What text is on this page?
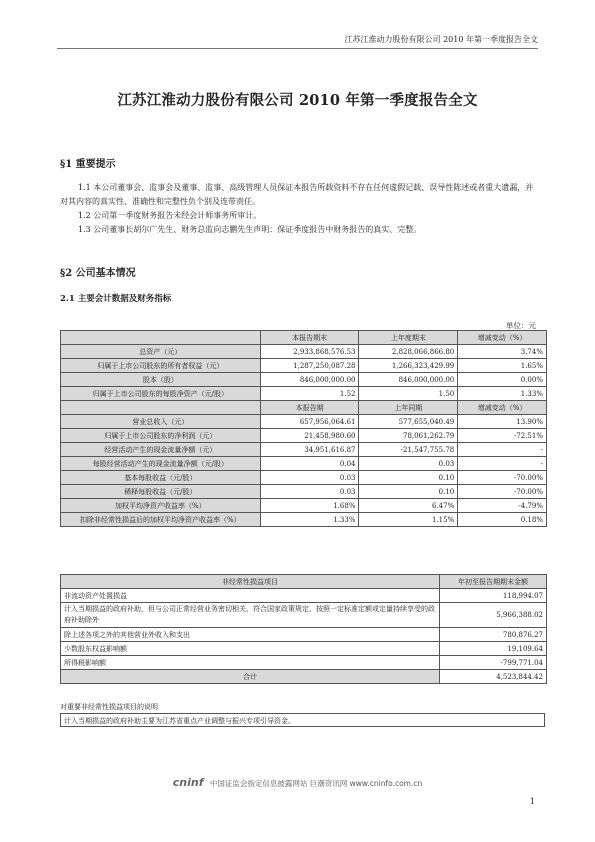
江苏江淮动力股份有限公司 2010 年第一季度报告全文
江苏江淮动力股份有限公司 2010 年第一季度报告全文
§1 重要提示

1.1 本公司董事会、监事会及董事、监事、高级管理人员保证本报告所载资料不存在任何虚假记载、误导性陈述或者重大遗漏，并对其内容的真实性、准确性和完整性负个别及连带责任。

1.2 公司第一季度财务报告未经会计师事务所审计。

1.3 公司董事长胡尔广先生、财务总监向志鹏先生声明：保证季度报告中财务报告的真实、完整。

§2 公司基本情况
2.1 主要会计数据及财务指标
单位：元
	本报告期末	上年度期末	增减变动（%）
总资产（元）	2,933,868,576.53	2,828,066,866.80	3.74%
归属于上市公司股东的所有者权益（元）	1,287,250,087.28	1,266,323,429.99	1.65%
股本（股）	846,000,000.00	846,000,000.00	0.00%
归属于上市公司股东的每股净资产（元/股）	1.52	1.50	1.33%
	本报告期	上年同期	增减变动（%）
营业总收入（元）	657,956,064.61	577,655,040.49	13.90%
归属于上市公司股东的净利润（元）	21,458,980.60	78,061,262.79	-72.51%
经营活动产生的现金流量净额（元）	34,951,616.87	-21,547,755.78	-
每股经营活动产生的现金流量净额（元/股）	0.04	0.03	-
基本每股收益（元/股）	0.03	0.10	-70.00%
稀释每股收益（元/股）	0.03	0.10	-70.00%
加权平均净资产收益率（%）	1.68%	6.47%	-4.79%
扣除非经常性损益后的加权平均净资产收益率（%）	1.33%	1.15%	0.18%
非经常性损益项目	年初至报告期期末金额
非流动资产处置损益	118,994.07
计入当期损益的政府补助，但与公司正常经营业务密切相关，符合国家政策规定、按照一定标准定额或定量持续享受的政府补助除外	5,966,388.02
除上述各项之外的其他营业外收入和支出	780,876.27
少数股东权益影响额	19,109.64
所得税影响额	-799,771.04
合计	4,523,844.42
对重要非经常性损益项目的说明
计入当期损益的政府补助主要为江苏省重点产业调整与振兴专项引导资金。
cninf 中国证监会指定信息披露网站 巨潮资讯网 www.cninfo.com.cn
1
